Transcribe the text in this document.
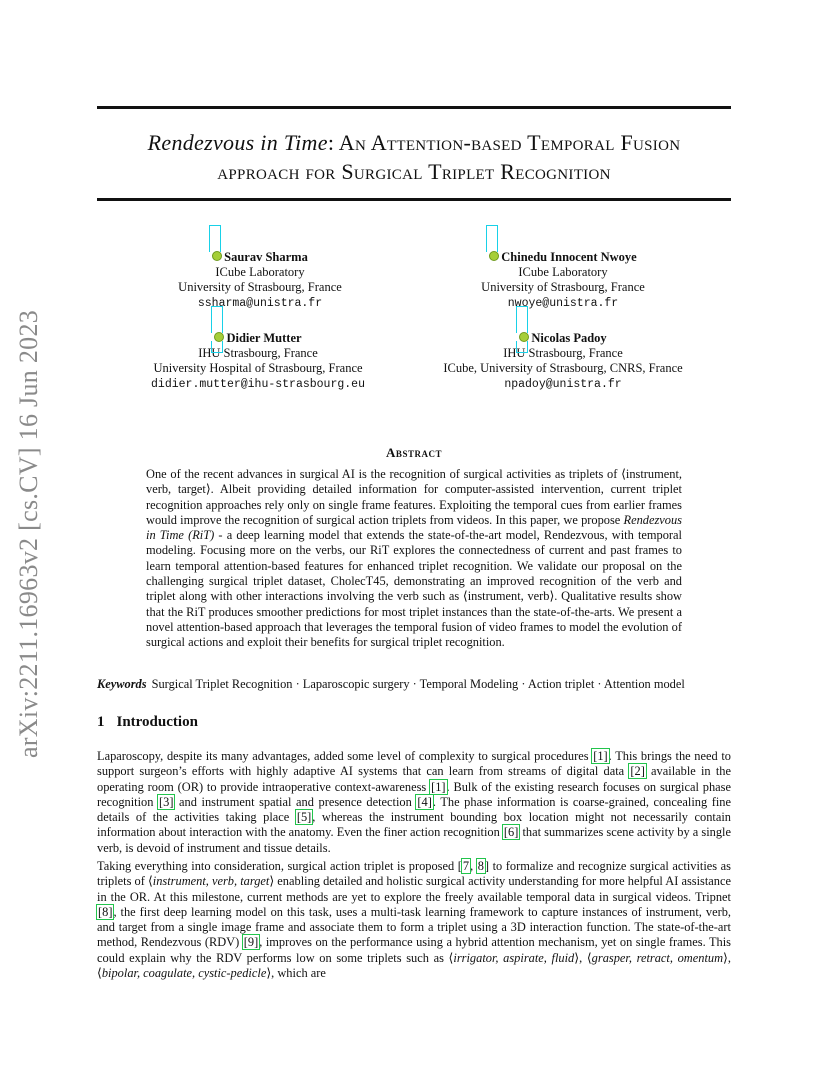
arXiv:2211.16963v2 [cs.CV] 16 Jun 2023
Rendezvous in Time: An Attention-based Temporal Fusion
approach for Surgical Triplet Recognition
Saurav Sharma
ICube Laboratory
University of Strasbourg, France
ssharma@unistra.fr
Chinedu Innocent Nwoye
ICube Laboratory
University of Strasbourg, France
nwoye@unistra.fr
Didier Mutter
IHU Strasbourg, France
University Hospital of Strasbourg, France
didier.mutter@ihu-strasbourg.eu
Nicolas Padoy
IHU Strasbourg, France
ICube, University of Strasbourg, CNRS, France
npadoy@unistra.fr
Abstract
One of the recent advances in surgical AI is the recognition of surgical activities as triplets of ⟨instrument, verb, target⟩. Albeit providing detailed information for computer-assisted intervention, current triplet recognition approaches rely only on single frame features. Exploiting the temporal cues from earlier frames would improve the recognition of surgical action triplets from videos. In this paper, we propose Rendezvous in Time (RiT) - a deep learning model that extends the state-of-the-art model, Rendezvous, with temporal modeling. Focusing more on the verbs, our RiT explores the connectedness of current and past frames to learn temporal attention-based features for enhanced triplet recognition. We validate our proposal on the challenging surgical triplet dataset, CholecT45, demonstrating an improved recognition of the verb and triplet along with other interactions involving the verb such as ⟨instrument, verb⟩. Qualitative results show that the RiT produces smoother predictions for most triplet instances than the state-of-the-arts. We present a novel attention-based approach that leverages the temporal fusion of video frames to model the evolution of surgical actions and exploit their benefits for surgical triplet recognition.
Keywords Surgical Triplet Recognition · Laparoscopic surgery · Temporal Modeling · Action triplet · Attention model
1 Introduction
Laparoscopy, despite its many advantages, added some level of complexity to surgical procedures [1]. This brings the need to support surgeon’s efforts with highly adaptive AI systems that can learn from streams of digital data [2] available in the operating room (OR) to provide intraoperative context-awareness [1]. Bulk of the existing research focuses on surgical phase recognition [3] and instrument spatial and presence detection [4]. The phase information is coarse-grained, concealing fine details of the activities taking place [5], whereas the instrument bounding box location might not necessarily contain information about interaction with the anatomy. Even the finer action recognition [6] that summarizes scene activity by a single verb, is devoid of instrument and tissue details.
Taking everything into consideration, surgical action triplet is proposed [7, 8] to formalize and recognize surgical activities as triplets of ⟨instrument, verb, target⟩ enabling detailed and holistic surgical activity understanding for more helpful AI assistance in the OR. At this milestone, current methods are yet to explore the freely available temporal data in surgical videos. Tripnet [8], the first deep learning model on this task, uses a multi-task learning framework to capture instances of instrument, verb, and target from a single image frame and associate them to form a triplet using a 3D interaction function. The state-of-the-art method, Rendezvous (RDV) [9], improves on the performance using a hybrid attention mechanism, yet on single frames. This could explain why the RDV performs low on some triplets such as ⟨irrigator, aspirate, fluid⟩, ⟨grasper, retract, omentum⟩, ⟨bipolar, coagulate, cystic-pedicle⟩, which are
